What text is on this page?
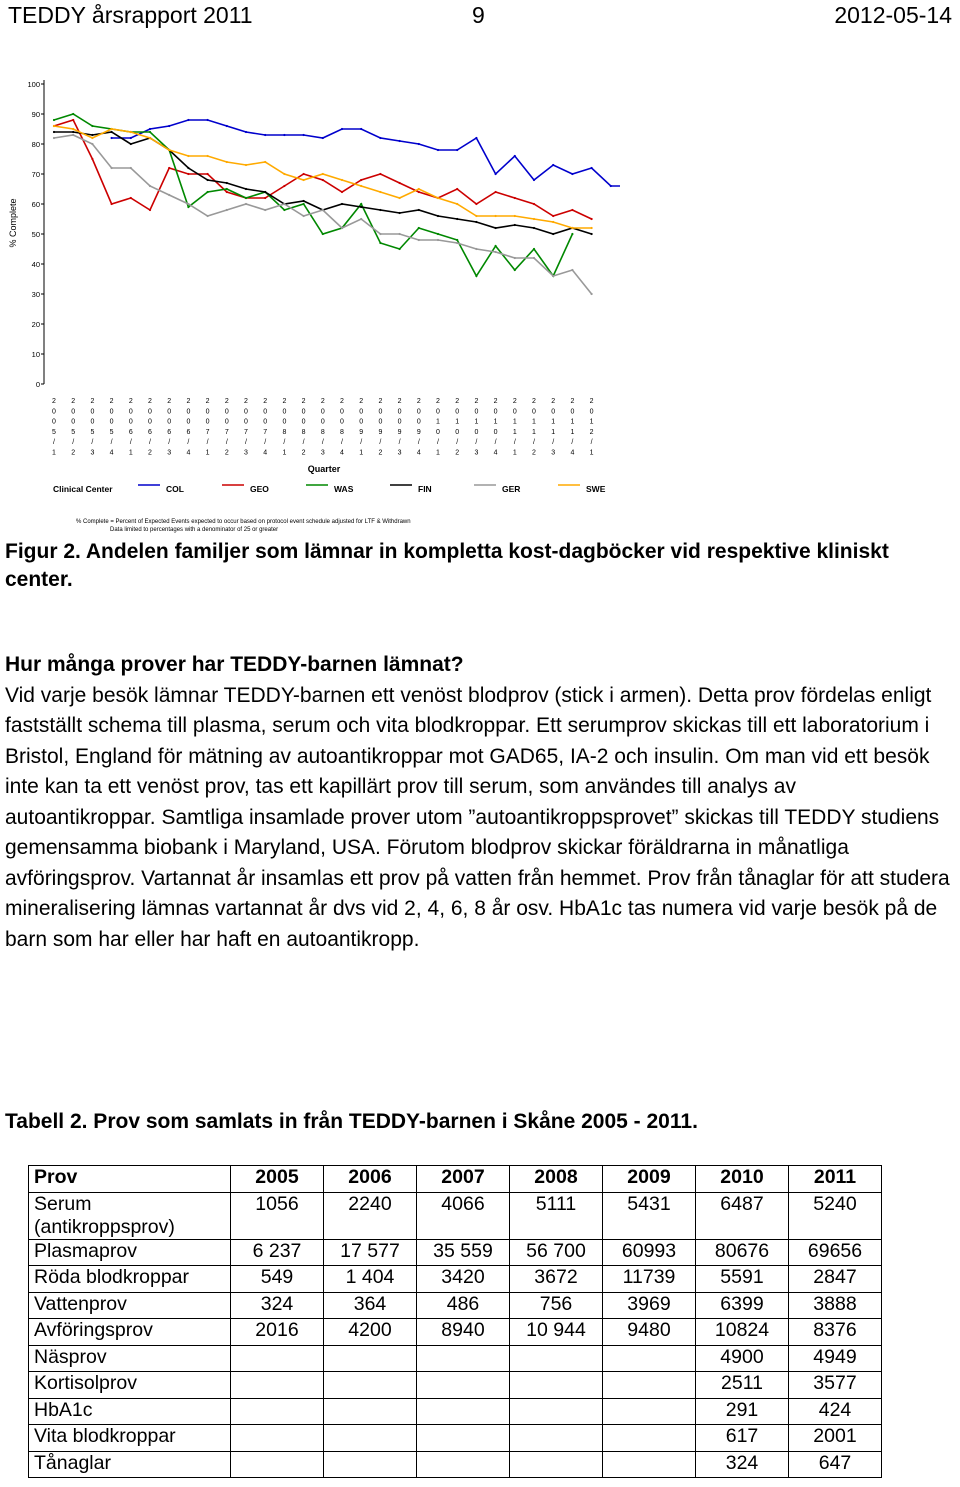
TEDDY årsrapport 2011	9	2012-05-14
0
10
20
30
40
50
60
70
80
90
100
2
0
0
5
/
1
2
0
0
5
/
2
2
0
0
5
/
3
2
0
0
5
/
4
2
0
0
6
/
1
2
0
0
6
/
2
2
0
0
6
/
3
2
0
0
6
/
4
2
0
0
7
/
1
2
0
0
7
/
2
2
0
0
7
/
3
2
0
0
7
/
4
2
0
0
8
/
1
2
0
0
8
/
2
2
0
0
8
/
3
2
0
0
8
/
4
2
0
0
9
/
1
2
0
0
9
/
2
2
0
0
9
/
3
2
0
0
9
/
4
2
0
1
0
/
1
2
0
1
0
/
2
2
0
1
0
/
3
2
0
1
0
/
4
2
0
1
1
/
1
2
0
1
1
/
2
2
0
1
1
/
3
2
0
1
1
/
4
2
0
1
2
/
1
% Complete
Quarter
Clinical Center	COL	GEO	WAS	FIN	GER	SWE
% Complete = Percent of Expected Events expected to occur based on protocol event schedule adjusted for LTF & Withdrawn
Data limited to percentages with a denominator of 25 or greater

Figur 2. Andelen familjer som lämnar in kompletta kost-dagböcker vid respektive kliniskt center.

Hur många prover har TEDDY-barnen lämnat?
Vid varje besök lämnar TEDDY-barnen ett venöst blodprov (stick i armen). Detta prov fördelas enligt fastställt schema till plasma, serum och vita blodkroppar. Ett serumprov skickas till ett laboratorium i Bristol, England för mätning av autoantikroppar mot GAD65, IA-2 och insulin. Om man vid ett besök inte kan ta ett venöst prov, tas ett kapillärt prov till serum, som användes till analys av autoantikroppar. Samtliga insamlade prover utom ”autoantikroppsprovet” skickas till TEDDY studiens gemensamma biobank i Maryland, USA. Förutom blodprov skickar föräldrarna in månatliga avföringsprov. Vartannat år insamlas ett prov på vatten från hemmet. Prov från tånaglar för att studera mineralisering lämnas vartannat år dvs vid 2, 4, 6, 8 år osv. HbA1c tas numera vid varje besök på de barn som har eller har haft en autoantikropp.

Tabell 2. Prov som samlats in från TEDDY-barnen i Skåne 2005 - 2011.

Prov	2005	2006	2007	2008	2009	2010	2011
Serum (antikroppsprov)	1056	2240	4066	5111	5431	6487	5240
Plasmaprov	6 237	17 577	35 559	56 700	60993	80676	69656
Röda blodkroppar	549	1 404	3420	3672	11739	5591	2847
Vattenprov	324	364	486	756	3969	6399	3888
Avföringsprov	2016	4200	8940	10 944	9480	10824	8376
Näsprov						4900	4949
Kortisolprov						2511	3577
HbA1c						291	424
Vita blodkroppar						617	2001
Tånaglar						324	647
